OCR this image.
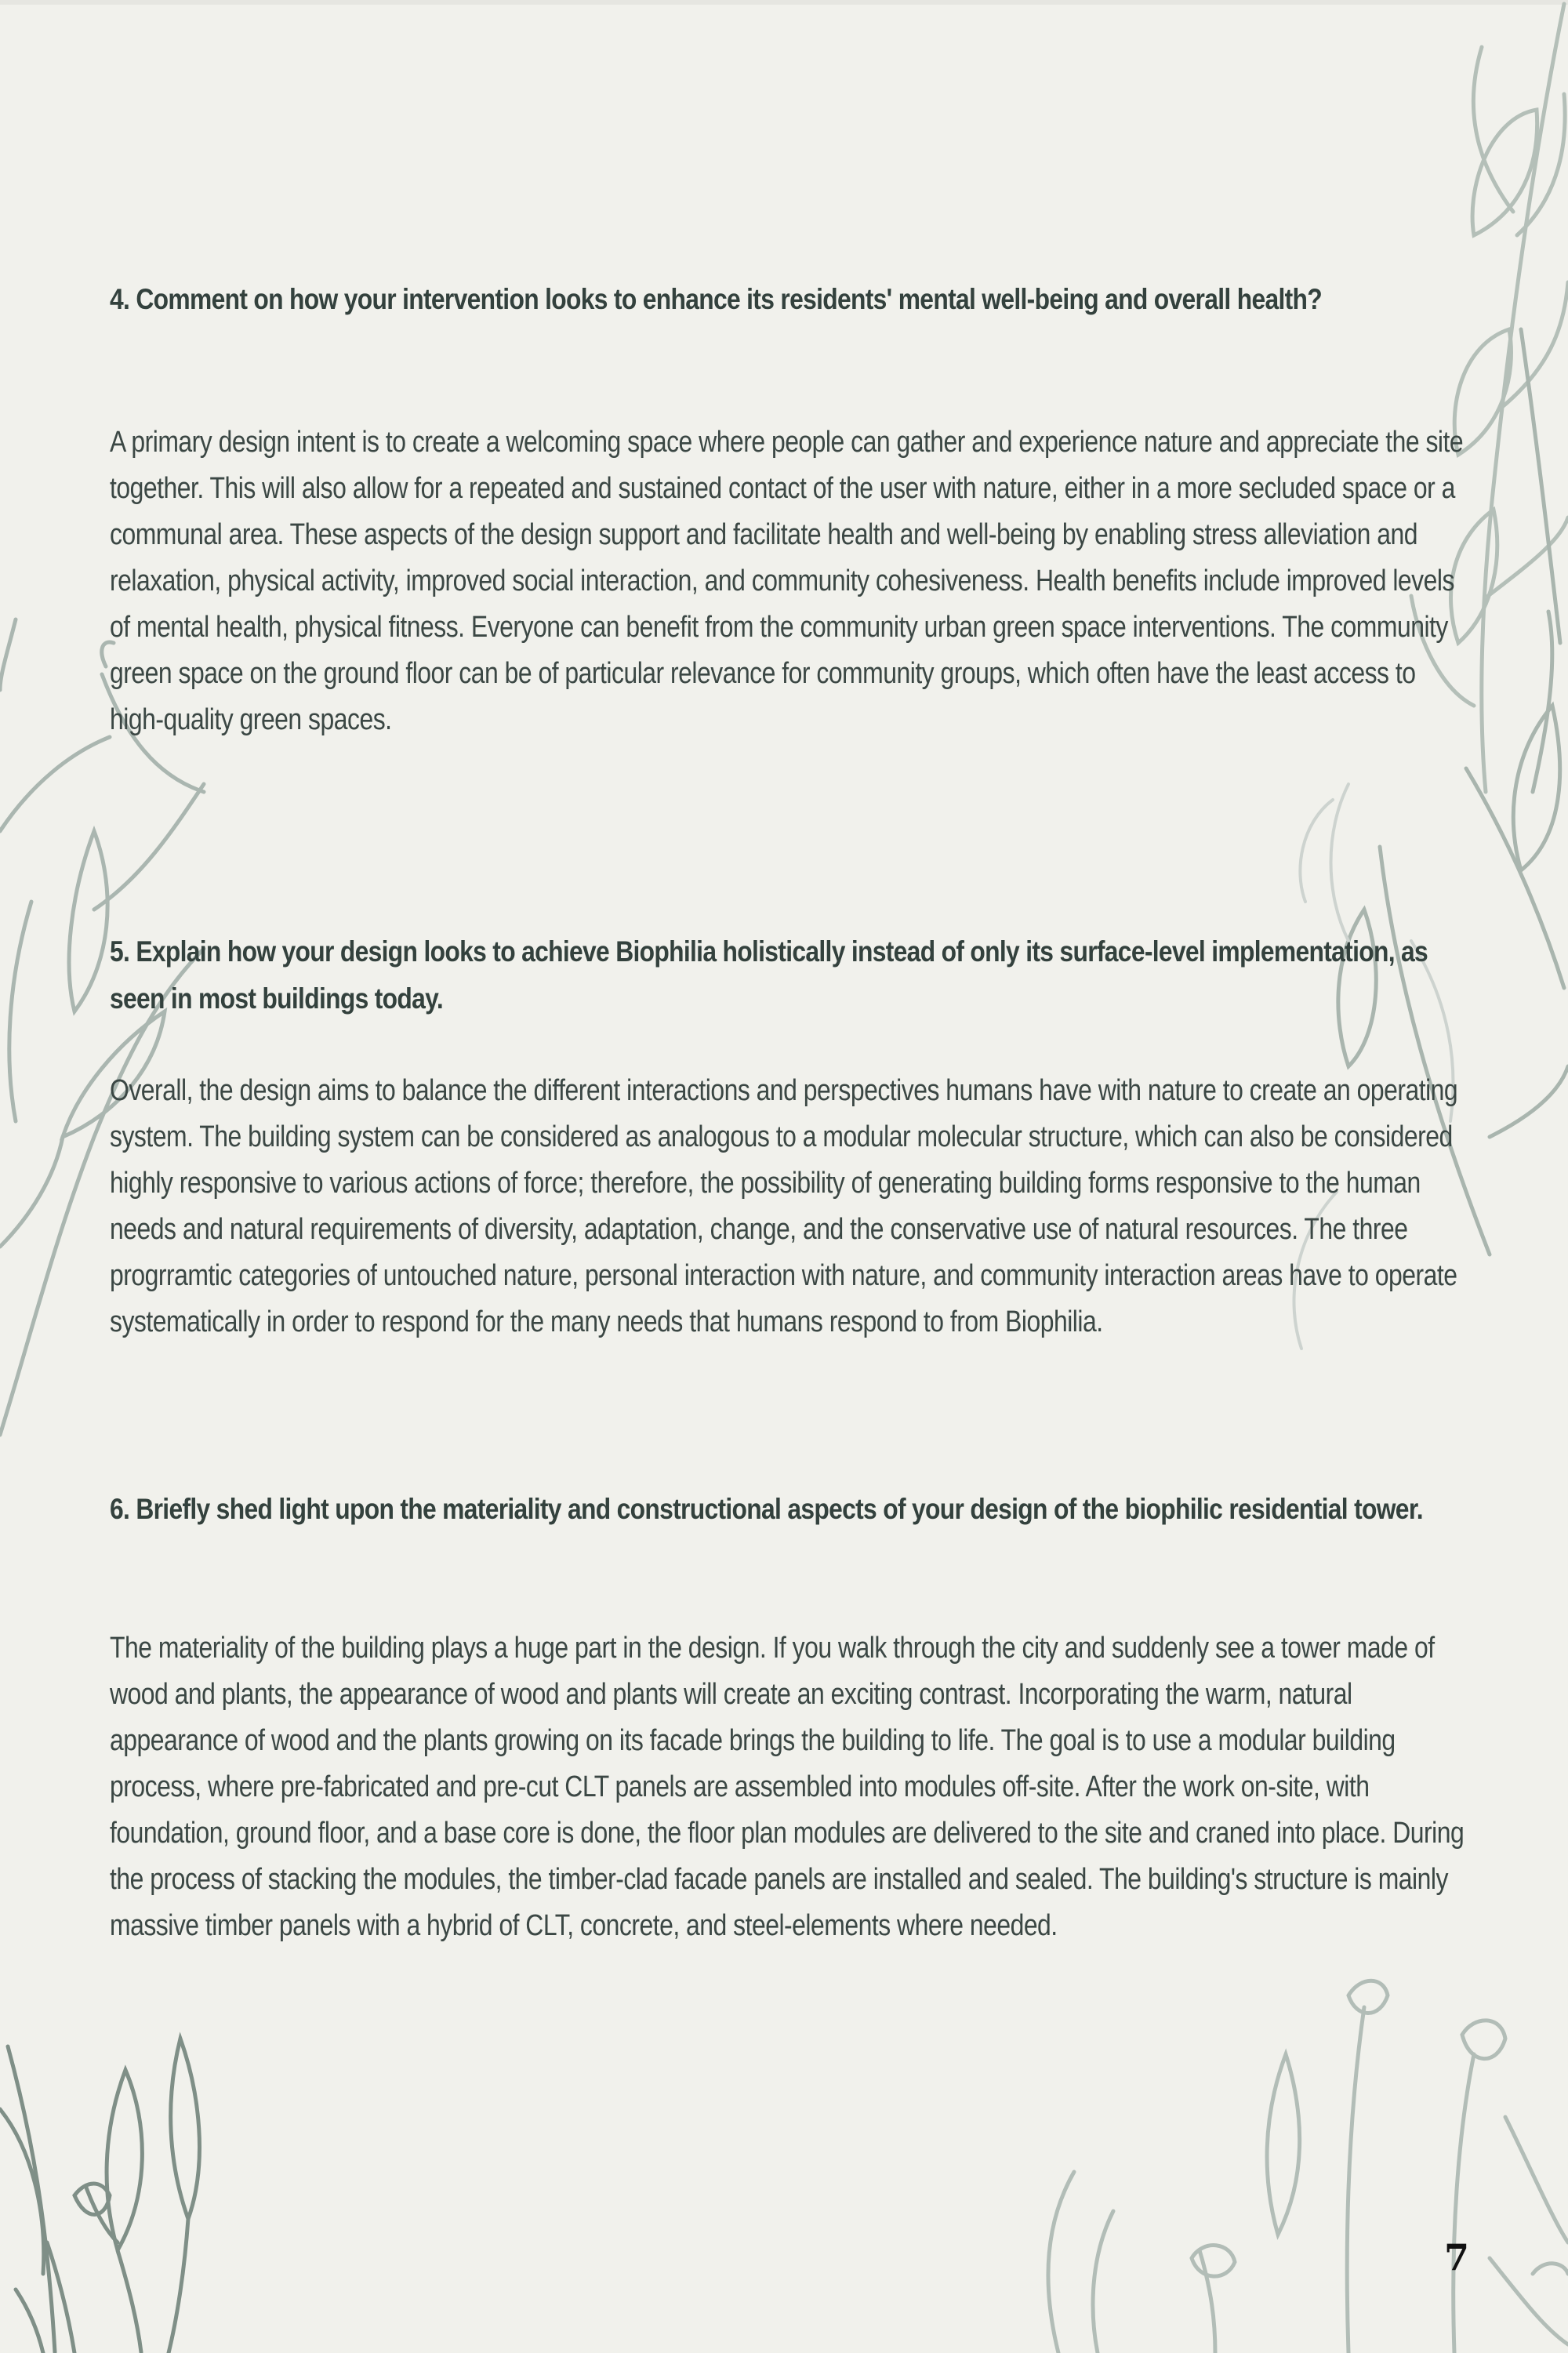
4. Comment on how your intervention looks to enhance its residents' mental well-being and overall health?

A primary design intent is to create a welcoming space where people can gather and experience nature and appreciate the site together. This will also allow for a repeated and sustained contact of the user with nature, either in a more secluded space or a communal area. These aspects of the design support and facilitate health and well-being by enabling stress alleviation and relaxation, physical activity, improved social interaction, and community cohesiveness. Health benefits include improved levels of mental health, physical fitness. Everyone can benefit from the community urban green space interventions. The community green space on the ground floor can be of particular relevance for community groups, which often have the least access to high-quality green spaces.

5. Explain how your design looks to achieve Biophilia holistically instead of only its surface-level implementation, as seen in most buildings today.

Overall, the design aims to balance the different interactions and perspectives humans have with nature to create an operating system. The building system can be considered as analogous to a modular molecular structure, which can also be considered highly responsive to various actions of force; therefore, the possibility of generating building forms responsive to the human needs and natural requirements of diversity, adaptation, change, and the conservative use of natural resources. The three progrramtic categories of untouched nature, personal interaction with nature, and community interaction areas have to operate systematically in order to respond for the many needs that humans respond to from Biophilia.

6. Briefly shed light upon the materiality and constructional aspects of your design of the biophilic residential tower.

The materiality of the building plays a huge part in the design. If you walk through the city and suddenly see a tower made of wood and plants, the appearance of wood and plants will create an exciting contrast. Incorporating the warm, natural appearance of wood and the plants growing on its facade brings the building to life. The goal is to use a modular building process, where pre-fabricated and pre-cut CLT panels are assembled into modules off-site. After the work on-site, with foundation, ground floor, and a base core is done, the floor plan modules are delivered to the site and craned into place. During the process of stacking the modules, the timber-clad facade panels are installed and sealed. The building's structure is mainly massive timber panels with a hybrid of CLT, concrete, and steel-elements where needed.

7
